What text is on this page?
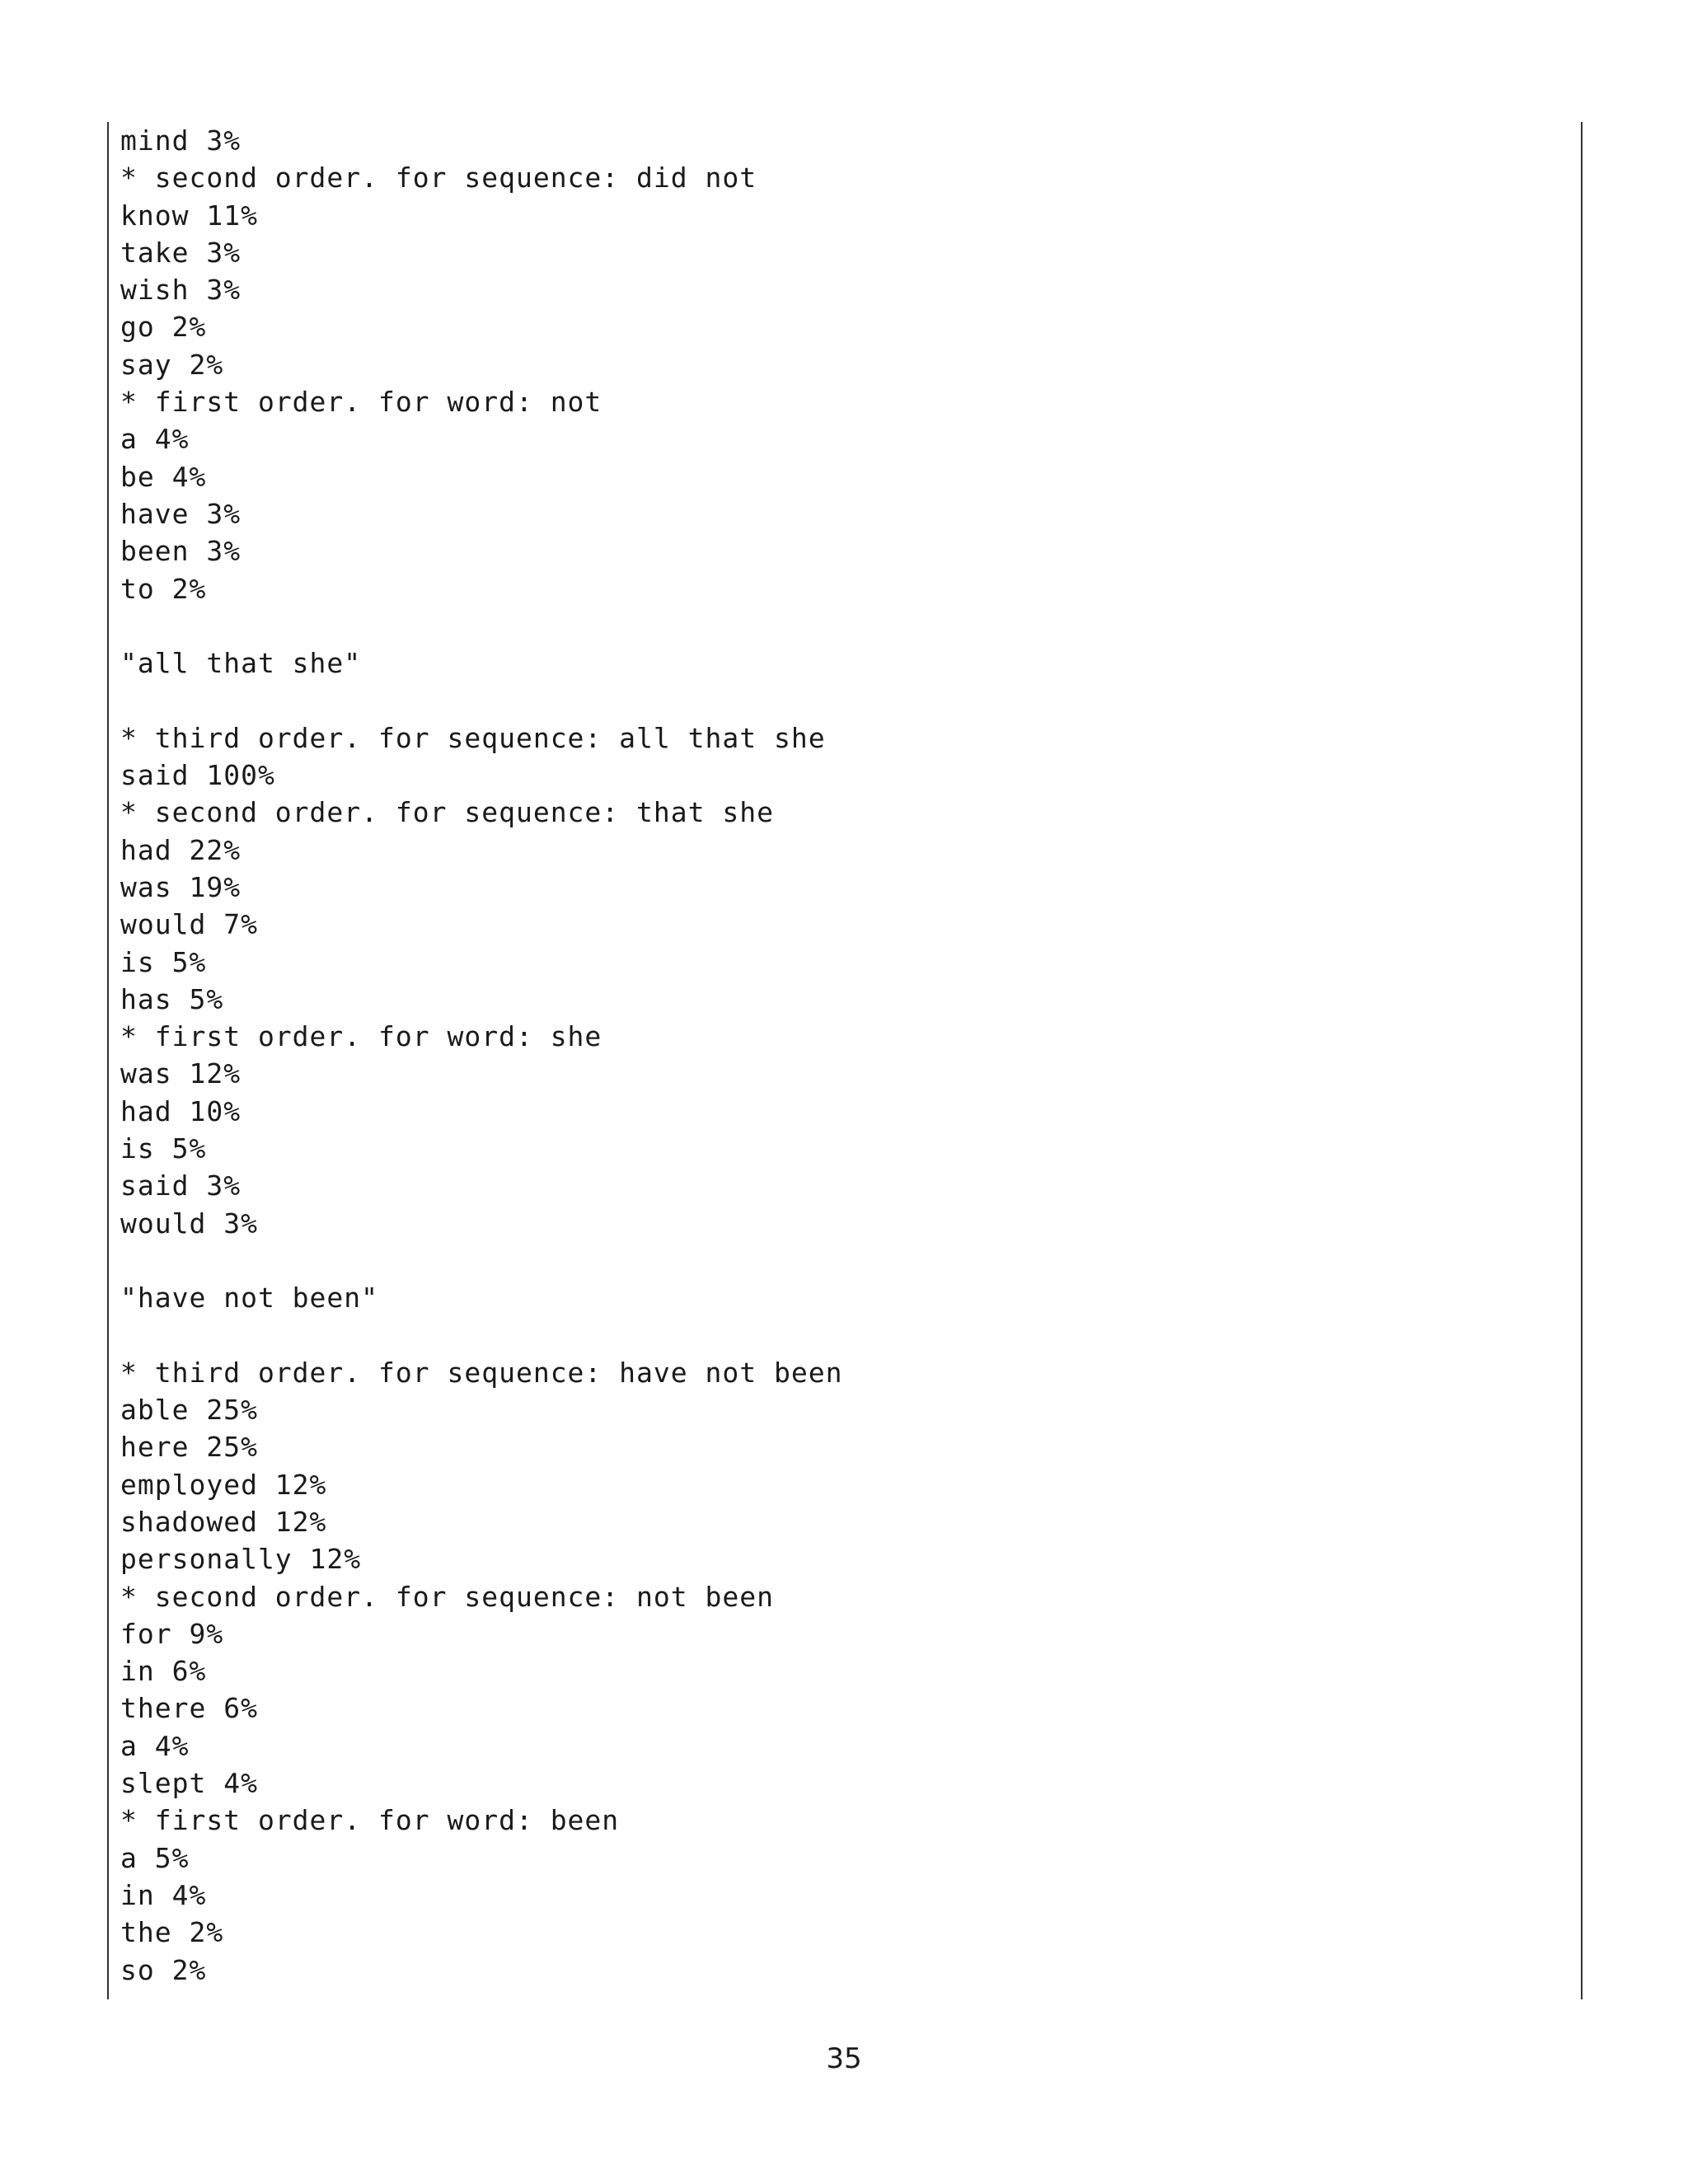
mind 3%
* second order. for sequence: did not
know 11%
take 3%
wish 3%
go 2%
say 2%
* first order. for word: not
a 4%
be 4%
have 3%
been 3%
to 2%
"all that she"
* third order. for sequence: all that she
said 100%
* second order. for sequence: that she
had 22%
was 19%
would 7%
is 5%
has 5%
* first order. for word: she
was 12%
had 10%
is 5%
said 3%
would 3%
"have not been"
* third order. for sequence: have not been
able 25%
here 25%
employed 12%
shadowed 12%
personally 12%
* second order. for sequence: not been
for 9%
in 6%
there 6%
a 4%
slept 4%
* first order. for word: been
a 5%
in 4%
the 2%
so 2%
35
